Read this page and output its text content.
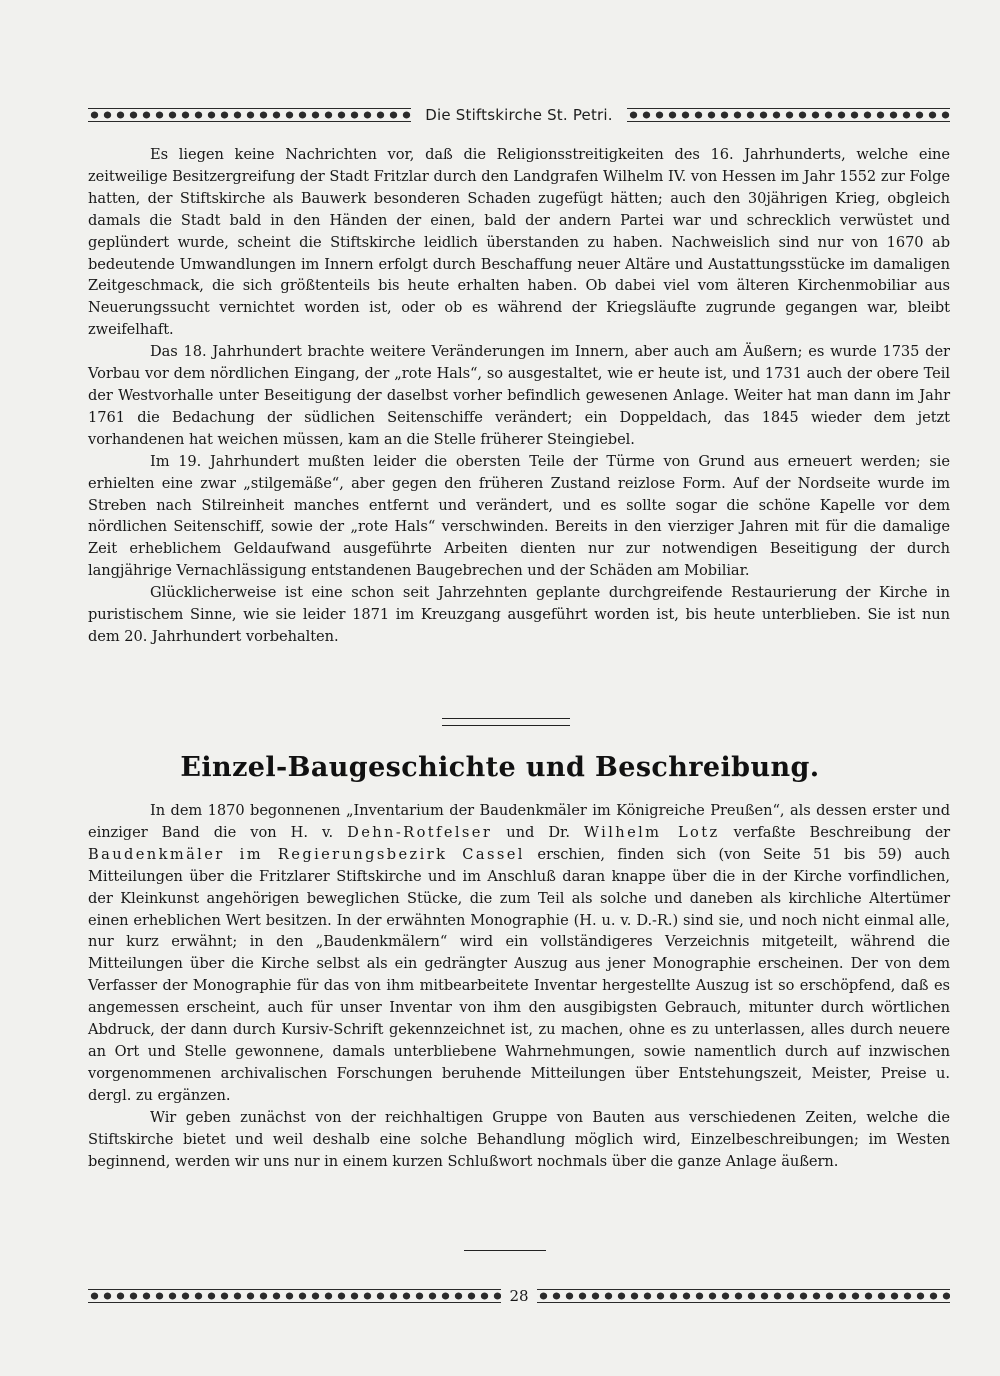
Die Stiftskirche St. Petri.

Es liegen keine Nachrichten vor, daß die Religionsstreitigkeiten des 16. Jahrhunderts, welche eine zeitweilige Besitzergreifung der Stadt Fritzlar durch den Landgrafen Wilhelm IV. von Hessen im Jahr 1552 zur Folge hatten, der Stiftskirche als Bauwerk besonderen Schaden zugefügt hätten; auch den 30jährigen Krieg, obgleich damals die Stadt bald in den Händen der einen, bald der andern Partei war und schrecklich verwüstet und geplündert wurde, scheint die Stiftskirche leidlich überstanden zu haben. Nachweislich sind nur von 1670 ab bedeutende Umwandlungen im Innern erfolgt durch Beschaffung neuer Altäre und Austattungsstücke im damaligen Zeitgeschmack, die sich größtenteils bis heute erhalten haben. Ob dabei viel vom älteren Kirchenmobiliar aus Neuerungssucht vernichtet worden ist, oder ob es während der Kriegsläufte zugrunde gegangen war, bleibt zweifelhaft.

Das 18. Jahrhundert brachte weitere Veränderungen im Innern, aber auch am Äußern; es wurde 1735 der Vorbau vor dem nördlichen Eingang, der „rote Hals“, so ausgestaltet, wie er heute ist, und 1731 auch der obere Teil der Westvorhalle unter Beseitigung der daselbst vorher befindlich gewesenen Anlage. Weiter hat man dann im Jahr 1761 die Bedachung der südlichen Seitenschiffe verändert; ein Doppeldach, das 1845 wieder dem jetzt vorhandenen hat weichen müssen, kam an die Stelle früherer Steingiebel.

Im 19. Jahrhundert mußten leider die obersten Teile der Türme von Grund aus erneuert werden; sie erhielten eine zwar „stilgemäße“, aber gegen den früheren Zustand reizlose Form. Auf der Nordseite wurde im Streben nach Stilreinheit manches entfernt und verändert, und es sollte sogar die schöne Kapelle vor dem nördlichen Seitenschiff, sowie der „rote Hals“ verschwinden. Bereits in den vierziger Jahren mit für die damalige Zeit erheblichem Geldaufwand ausgeführte Arbeiten dienten nur zur notwendigen Beseitigung der durch langjährige Vernachlässigung entstandenen Baugebrechen und der Schäden am Mobiliar.

Glücklicherweise ist eine schon seit Jahrzehnten geplante durchgreifende Restaurierung der Kirche in puristischem Sinne, wie sie leider 1871 im Kreuzgang ausgeführt worden ist, bis heute unterblieben. Sie ist nun dem 20. Jahrhundert vorbehalten.

Einzel-Baugeschichte und Beschreibung.

In dem 1870 begonnenen „Inventarium der Baudenkmäler im Königreiche Preußen“, als dessen erster und einziger Band die von H. v. Dehn-Rotfelser und Dr. Wilhelm Lotz verfaßte Beschreibung der Baudenkmäler im Regierungsbezirk Cassel erschien, finden sich (von Seite 51 bis 59) auch Mitteilungen über die Fritzlarer Stiftskirche und im Anschluß daran knappe über die in der Kirche vorfindlichen, der Kleinkunst angehörigen beweglichen Stücke, die zum Teil als solche und daneben als kirchliche Altertümer einen erheblichen Wert besitzen. In der erwähnten Monographie (H. u. v. D.-R.) sind sie, und noch nicht einmal alle, nur kurz erwähnt; in den „Baudenkmälern“ wird ein vollständigeres Verzeichnis mitgeteilt, während die Mitteilungen über die Kirche selbst als ein gedrängter Auszug aus jener Monographie erscheinen. Der von dem Verfasser der Monographie für das von ihm mitbearbeitete Inventar hergestellte Auszug ist so erschöpfend, daß es angemessen erscheint, auch für unser Inventar von ihm den ausgibigsten Gebrauch, mitunter durch wörtlichen Abdruck, der dann durch Kursiv-Schrift gekennzeichnet ist, zu machen, ohne es zu unterlassen, alles durch neuere an Ort und Stelle gewonnene, damals unterbliebene Wahrnehmungen, sowie namentlich durch auf inzwischen vorgenommenen archivalischen Forschungen beruhende Mitteilungen über Entstehungszeit, Meister, Preise u. dergl. zu ergänzen.

Wir geben zunächst von der reichhaltigen Gruppe von Bauten aus verschiedenen Zeiten, welche die Stiftskirche bietet und weil deshalb eine solche Behandlung möglich wird, Einzelbeschreibungen; im Westen beginnend, werden wir uns nur in einem kurzen Schlußwort nochmals über die ganze Anlage äußern.

28
